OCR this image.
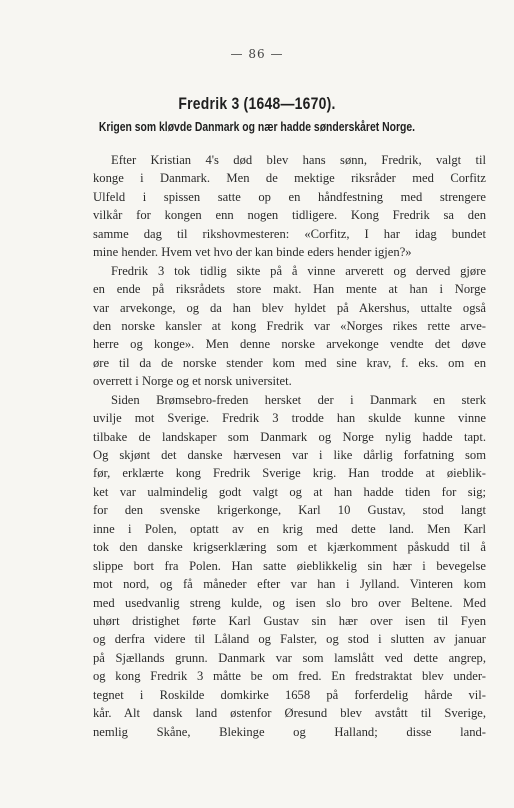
— 86 —
Fredrik 3 (1648—1670).
Krigen som kløvde Danmark og nær hadde sønderskåret Norge.
Efter Kristian 4's død blev hans sønn, Fredrik, valgt til
konge i Danmark. Men de mektige riksråder med Corfitz
Ulfeld i spissen satte op en håndfestning med strengere
vilkår for kongen enn nogen tidligere. Kong Fredrik sa den
samme dag til rikshovmesteren: «Corfitz, I har idag bundet
mine hender. Hvem vet hvo der kan binde eders hender igjen?»
Fredrik 3 tok tidlig sikte på å vinne arverett og derved gjøre
en ende på riksrådets store makt. Han mente at han i Norge
var arvekonge, og da han blev hyldet på Akershus, uttalte også
den norske kansler at kong Fredrik var «Norges rikes rette arve-
herre og konge». Men denne norske arvekonge vendte det døve
øre til da de norske stender kom med sine krav, f. eks. om en
overrett i Norge og et norsk universitet.
Siden Brømsebro-freden hersket der i Danmark en sterk
uvilje mot Sverige. Fredrik 3 trodde han skulde kunne vinne
tilbake de landskaper som Danmark og Norge nylig hadde tapt.
Og skjønt det danske hærvesen var i like dårlig forfatning som
før, erklærte kong Fredrik Sverige krig. Han trodde at øieblik-
ket var ualmindelig godt valgt og at han hadde tiden for sig;
for den svenske krigerkonge, Karl 10 Gustav, stod langt
inne i Polen, optatt av en krig med dette land. Men Karl
tok den danske krigserklæring som et kjærkomment påskudd til å
slippe bort fra Polen. Han satte øieblikkelig sin hær i bevegelse
mot nord, og få måneder efter var han i Jylland. Vinteren kom
med usedvanlig streng kulde, og isen slo bro over Beltene. Med
uhørt dristighet førte Karl Gustav sin hær over isen til Fyen
og derfra videre til Låland og Falster, og stod i slutten av januar
på Sjællands grunn. Danmark var som lamslått ved dette angrep,
og kong Fredrik 3 måtte be om fred. En fredstraktat blev under-
tegnet i Roskilde domkirke 1658 på forferdelig hårde vil-
kår. Alt dansk land østenfor Øresund blev avstått til Sverige,
nemlig Skåne, Blekinge og Halland; disse land-
